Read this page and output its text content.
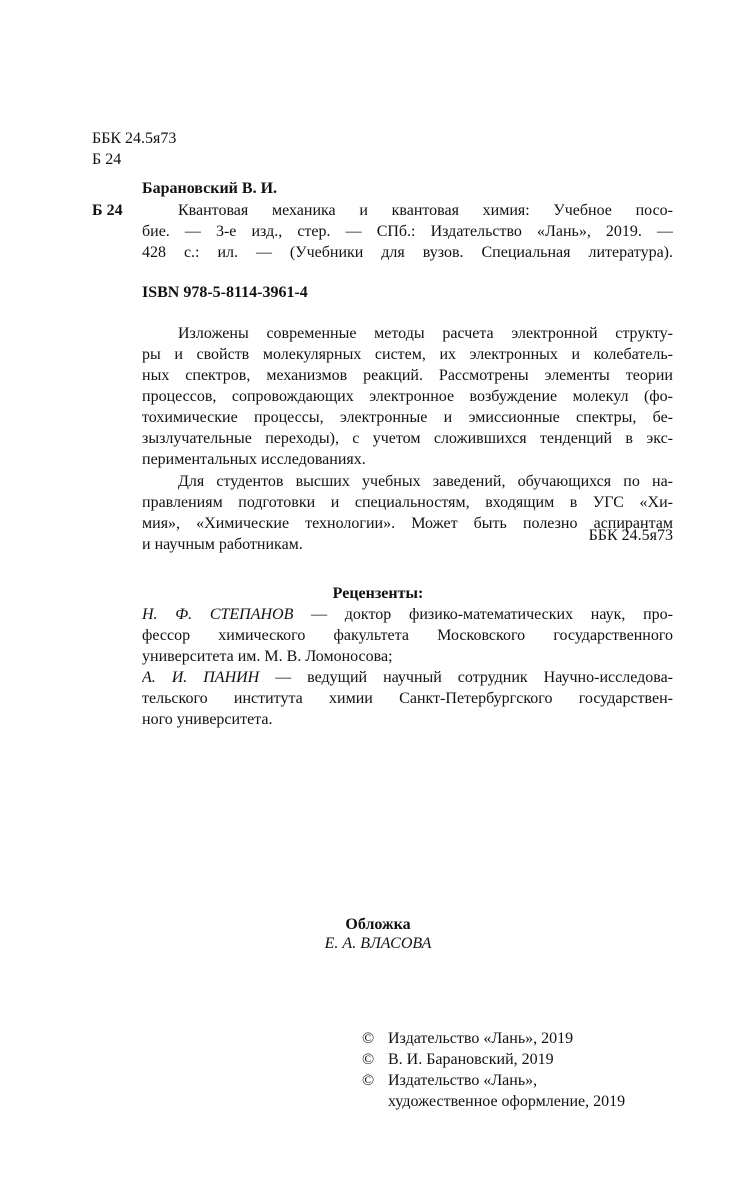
ББК 24.5я73
Б 24
Барановский В. И.
Б 24	Квантовая механика и квантовая химия: Учебное посо-
бие. — 3-е изд., стер. — СПб.: Издательство «Лань», 2019. —
428 с.: ил. — (Учебники для вузов. Специальная литература).
ISBN 978-5-8114-3961-4
Изложены современные методы расчета электронной структу-
ры и свойств молекулярных систем, их электронных и колебатель-
ных спектров, механизмов реакций. Рассмотрены элементы теории
процессов, сопровождающих электронное возбуждение молекул (фо-
тохимические процессы, электронные и эмиссионные спектры, бе-
зызлучательные переходы), с учетом сложившихся тенденций в экс-
периментальных исследованиях.
Для студентов высших учебных заведений, обучающихся по на-
правлениям подготовки и специальностям, входящим в УГС «Хи-
мия», «Химические технологии». Может быть полезно аспирантам
и научным работникам.
ББК 24.5я73
Рецензенты:
Н. Ф. СТЕПАНОВ — доктор физико-математических наук, про-
фессор химического факультета Московского государственного
университета им. М. В. Ломоносова;
А. И. ПАНИН — ведущий научный сотрудник Научно-исследова-
тельского института химии Санкт-Петербургского государствен-
ного университета.
Обложка
Е. А. ВЛАСОВА
© Издательство «Лань», 2019
© В. И. Барановский, 2019
© Издательство «Лань»,
художественное оформление, 2019
